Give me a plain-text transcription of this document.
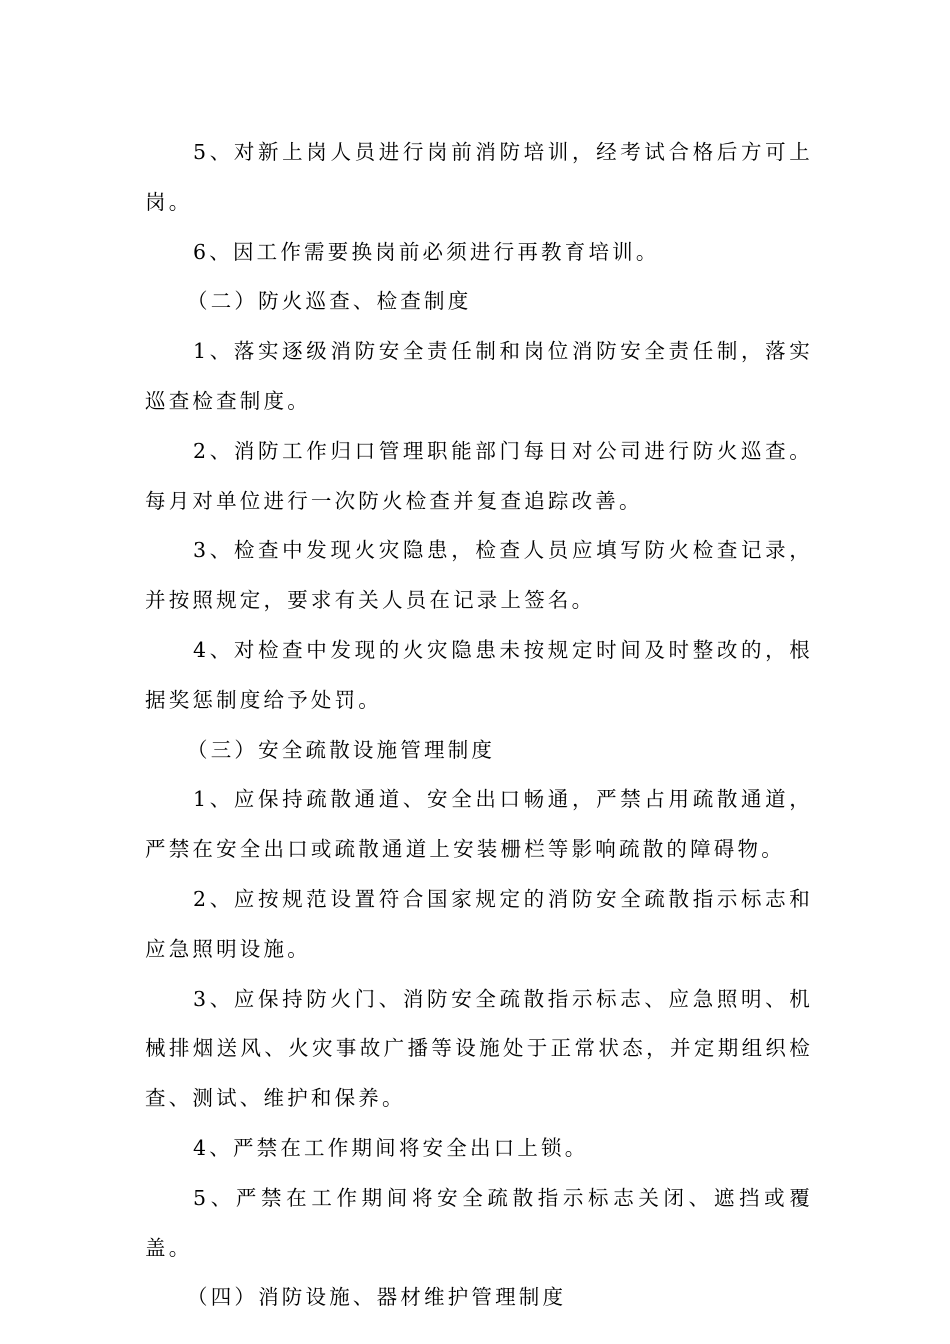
5、对新上岗人员进行岗前消防培训，经考试合格后方可上岗。

6、因工作需要换岗前必须进行再教育培训。

（二）防火巡查、检查制度

1、落实逐级消防安全责任制和岗位消防安全责任制，落实巡查检查制度。

2、消防工作归口管理职能部门每日对公司进行防火巡查。每月对单位进行一次防火检查并复查追踪改善。

3、检查中发现火灾隐患，检查人员应填写防火检查记录，并按照规定，要求有关人员在记录上签名。

4、对检查中发现的火灾隐患未按规定时间及时整改的，根据奖惩制度给予处罚。

（三）安全疏散设施管理制度

1、应保持疏散通道、安全出口畅通，严禁占用疏散通道，严禁在安全出口或疏散通道上安装栅栏等影响疏散的障碍物。

2、应按规范设置符合国家规定的消防安全疏散指示标志和应急照明设施。

3、应保持防火门、消防安全疏散指示标志、应急照明、机械排烟送风、火灾事故广播等设施处于正常状态，并定期组织检查、测试、维护和保养。

4、严禁在工作期间将安全出口上锁。

5、严禁在工作期间将安全疏散指示标志关闭、遮挡或覆盖。

（四）消防设施、器材维护管理制度
